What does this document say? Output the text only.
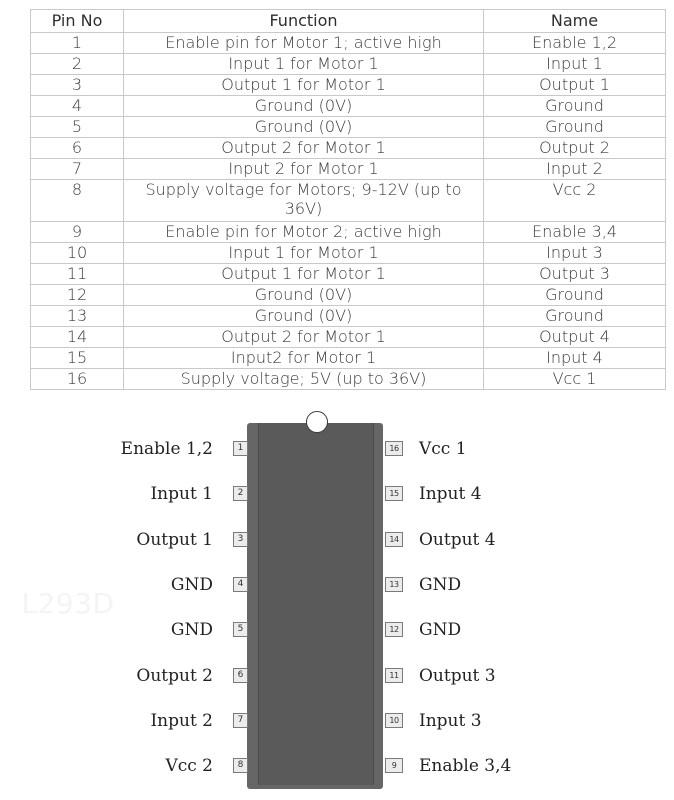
Pin No	Function	Name
1	Enable pin for Motor 1; active high	Enable 1,2
2	Input 1 for Motor 1	Input 1
3	Output 1 for Motor 1	Output 1
4	Ground (0V)	Ground
5	Ground (0V)	Ground
6	Output 2 for Motor 1	Output 2
7	Input 2 for Motor 1	Input 2
8	Supply voltage for Motors; 9-12V (up to 36V)	Vcc 2
9	Enable pin for Motor 2; active high	Enable 3,4
10	Input 1 for Motor 1	Input 3
11	Output 1 for Motor 1	Output 3
12	Ground (0V)	Ground
13	Ground (0V)	Ground
14	Output 2 for Motor 1	Output 4
15	Input2 for Motor 1	Input 4
16	Supply voltage; 5V (up to 36V)	Vcc 1
L293D
1
Enable 1,2
2
Input 1
3
Output 1
4
GND
5
GND
6
Output 2
7
Input 2
8
Vcc 2
16 Vcc 1
15 Input 4
14 Output 4
13 GND
12 GND
11 Output 3
10 Input 3
9	Enable 3,4
